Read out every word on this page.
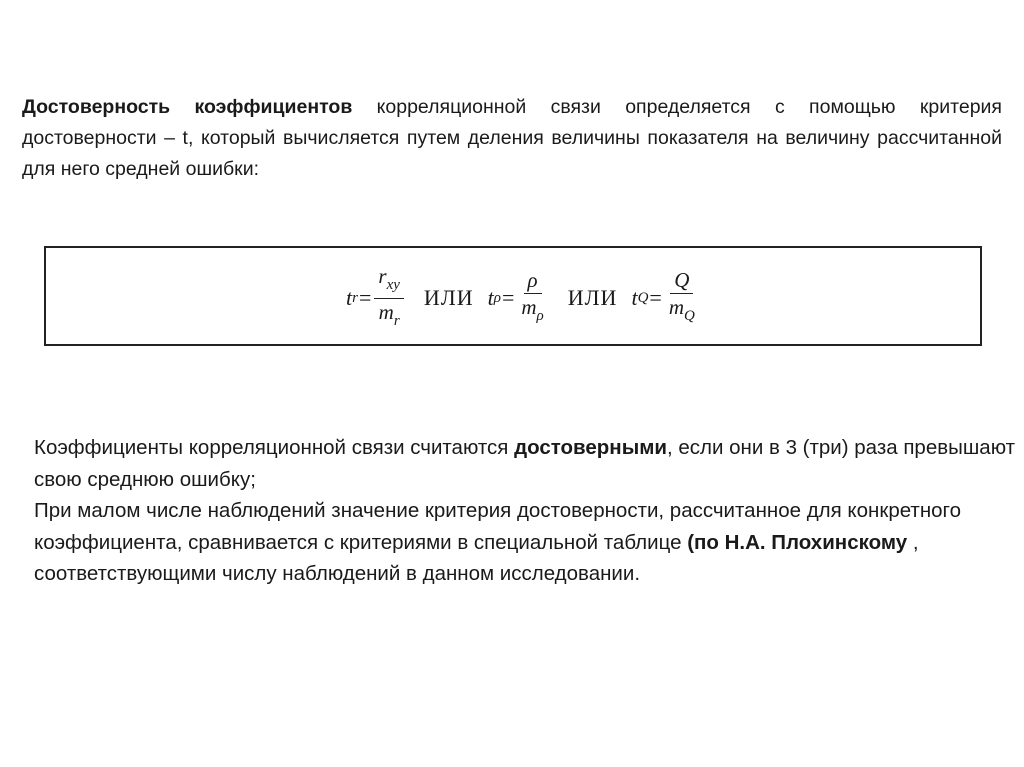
Достоверность коэффициентов корреляционной связи определяется с помощью критерия достоверности – t, который вычисляется путем деления величины показателя на величину рассчитанной для него средней ошибки:
t $r = \frac{r_{xy}}{m_r}$ ИЛИ t $\rho = \frac{\rho}{m_\rho}$ ИЛИ t $Q = \frac{Q}{m_Q}$

Коэффициенты корреляционной связи считаются достоверными, если они в 3 (три) раза превышают свою среднюю ошибку;

При малом числе наблюдений значение критерия достоверности, рассчитанное для конкретного коэффициента, сравнивается с критериями в специальной таблице (по Н.А. Плохинскому , соответствующими числу наблюдений в данном исследовании.
